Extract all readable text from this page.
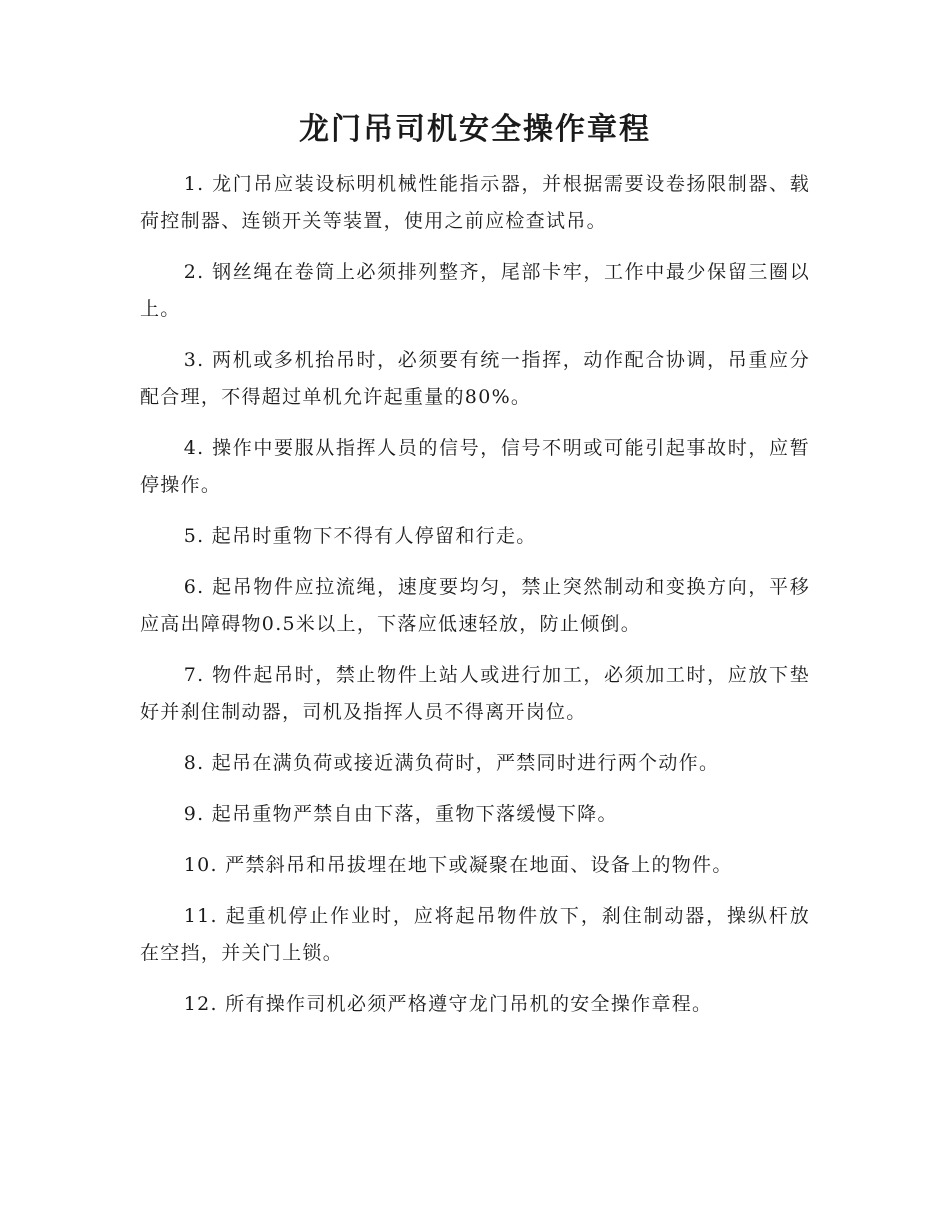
龙门吊司机安全操作章程

1. 龙门吊应装设标明机械性能指示器，并根据需要设卷扬限制器、载荷控制器、连锁开关等装置，使用之前应检查试吊。

2. 钢丝绳在卷筒上必须排列整齐，尾部卡牢，工作中最少保留三圈以上。

3. 两机或多机抬吊时，必须要有统一指挥，动作配合协调，吊重应分配合理，不得超过单机允许起重量的80%。

4. 操作中要服从指挥人员的信号，信号不明或可能引起事故时，应暂停操作。

5. 起吊时重物下不得有人停留和行走。

6. 起吊物件应拉流绳，速度要均匀，禁止突然制动和变换方向，平移应高出障碍物0.5米以上，下落应低速轻放，防止倾倒。

7. 物件起吊时，禁止物件上站人或进行加工，必须加工时，应放下垫好并刹住制动器，司机及指挥人员不得离开岗位。

8. 起吊在满负荷或接近满负荷时，严禁同时进行两个动作。

9. 起吊重物严禁自由下落，重物下落缓慢下降。

10. 严禁斜吊和吊拔埋在地下或凝聚在地面、设备上的物件。

11. 起重机停止作业时，应将起吊物件放下，刹住制动器，操纵杆放在空挡，并关门上锁。

12. 所有操作司机必须严格遵守龙门吊机的安全操作章程。
